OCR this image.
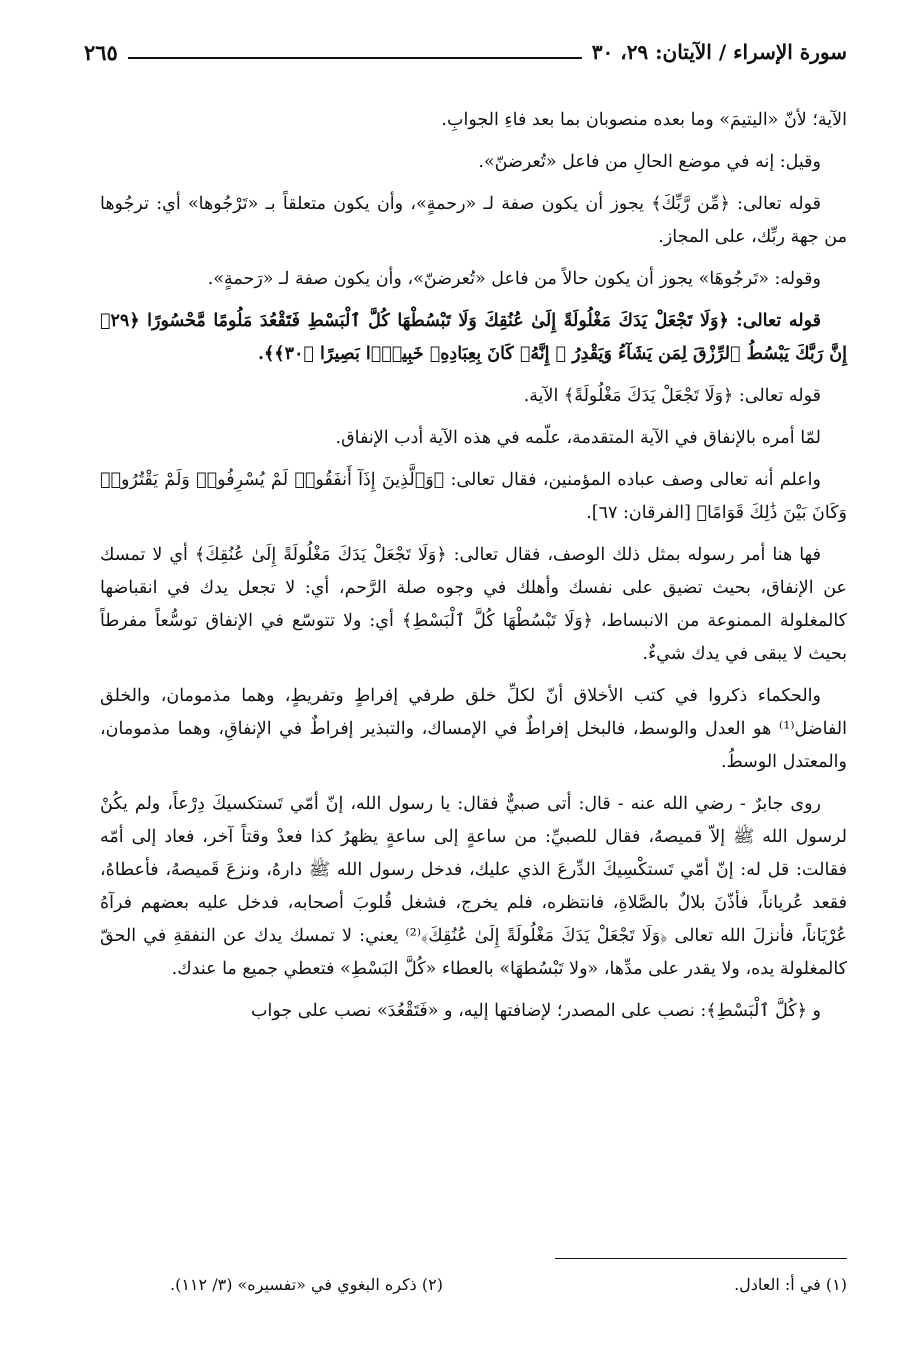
سورة الإسراء / الآيتان: ٢٩، ٣٠
٢٦٥

الآية؛ لأنّ «اليتيمَ» وما بعده منصوبان بما بعد فاءِ الجوابِ.

وقيل: إنه في موضع الحالِ من فاعل «تُعرضنّ».

قوله تعالى: ﴿مِّن رَّبِّكَ﴾ يجوز أن يكون صفة لـ «رحمةٍ»، وأن يكون متعلقاً بـ «تَرْجُوها» أي: ترجُوها من جهة ربِّك، على المجاز.

وقوله: «تَرجُوهَا» يجوز أن يكون حالاً من فاعل «تُعرضنّ»، وأن يكون صفة لـ «رَحمةٍ».

قوله تعالى: ﴿وَلَا تَجْعَلْ يَدَكَ مَغْلُولَةً إِلَىٰ عُنُقِكَ وَلَا تَبْسُطْهَا كُلَّ ٱلْبَسْطِ فَتَقْعُدَ مَلُومًا مَّحْسُورًا ﴿٢٩﴾ إِنَّ رَبَّكَ يَبْسُطُ ٱلرِّزْقَ لِمَن يَشَآءُ وَيَقْدِرُ ۚ إِنَّهُۥ كَانَ بِعِبَادِهِۦ خَبِيرًۢا بَصِيرًا ﴿٣٠﴾﴾.

قوله تعالى: ﴿وَلَا تَجْعَلْ يَدَكَ مَغْلُولَةً﴾ الآية.

لمّا أمره بالإنفاق في الآية المتقدمة، علّمه في هذه الآية أدب الإنفاق.

واعلم أنه تعالى وصف عباده المؤمنين، فقال تعالى: ﴿وَٱلَّذِينَ إِذَآ أَنفَقُوا۟ لَمْ يُسْرِفُوا۟ وَلَمْ يَقْتُرُوا۟ وَكَانَ بَيْنَ ذَٰلِكَ قَوَامًا﴾ [الفرقان: ٦٧].

فها هنا أمر رسوله بمثل ذلك الوصف، فقال تعالى: ﴿وَلَا تَجْعَلْ يَدَكَ مَغْلُولَةً إِلَىٰ عُنُقِكَ﴾ أي لا تمسك عن الإنفاق، بحيث تضيق على نفسك وأهلك في وجوه صلة الرَّحم، أي: لا تجعل يدك في انقباضها كالمغلولة الممنوعة من الانبساط، ﴿وَلَا تَبْسُطْهَا كُلَّ ٱلْبَسْطِ﴾ أي: ولا تتوسّع في الإنفاق توسُّعاً مفرطاً بحيث لا يبقى في يدك شيءٌ.

والحكماء ذكروا في كتب الأخلاق أنّ لكلِّ خلق طرفي إفراطٍ وتفريطٍ، وهما مذمومان، والخلق الفاضل⁽¹⁾ هو العدل والوسط، فالبخل إفراطٌ في الإمساك، والتبذير إفراطٌ في الإنفاقِ، وهما مذمومان، والمعتدل الوسطُ.

روى جابرٌ - رضي الله عنه - قال: أتى صبيٌّ فقال: يا رسول الله، إنّ أمّي تَستكسيكَ دِرْعاً، ولم يكُنْ لرسول الله ﷺ إلاّ قميصهُ، فقال للصبيِّ: من ساعةٍ إلى ساعةٍ يظهرُ كذا فعدْ وقتاً آخر، فعاد إلى أمّه فقالت: قل له: إنّ أمّي تَستكْسِيكَ الدِّرعَ الذي عليك، فدخل رسول الله ﷺ دارهُ، ونزعَ قَميصهُ، فأعطاهُ، فقعد عُرياناً، فأذّنَ بلالٌ بالصَّلاةِ، فانتظره، فلم يخرج، فشغل قُلوبَ أصحابه، فدخل عليه بعضهم فرآهُ عُرْيَاناً، فأنزلَ الله تعالى ﴿وَلَا تَجْعَلْ يَدَكَ مَغْلُولَةً إِلَىٰ عُنُقِكَ﴾⁽²⁾ يعني: لا تمسك يدك عن النفقةِ في الحقّ كالمغلولة يده، ولا يقدر على مدِّها، «ولا تَبْسُطهَا» بالعطاء «كُلَّ البَسْطِ» فتعطي جميع ما عندك.

و ﴿كُلَّ ٱلْبَسْطِ﴾: نصب على المصدر؛ لإضافتها إليه، و «فَتَقْعُدَ» نصب على جواب

(١) في أ: العادل.
(٢) ذكره البغوي في «تفسيره» (٣/ ١١٢).
